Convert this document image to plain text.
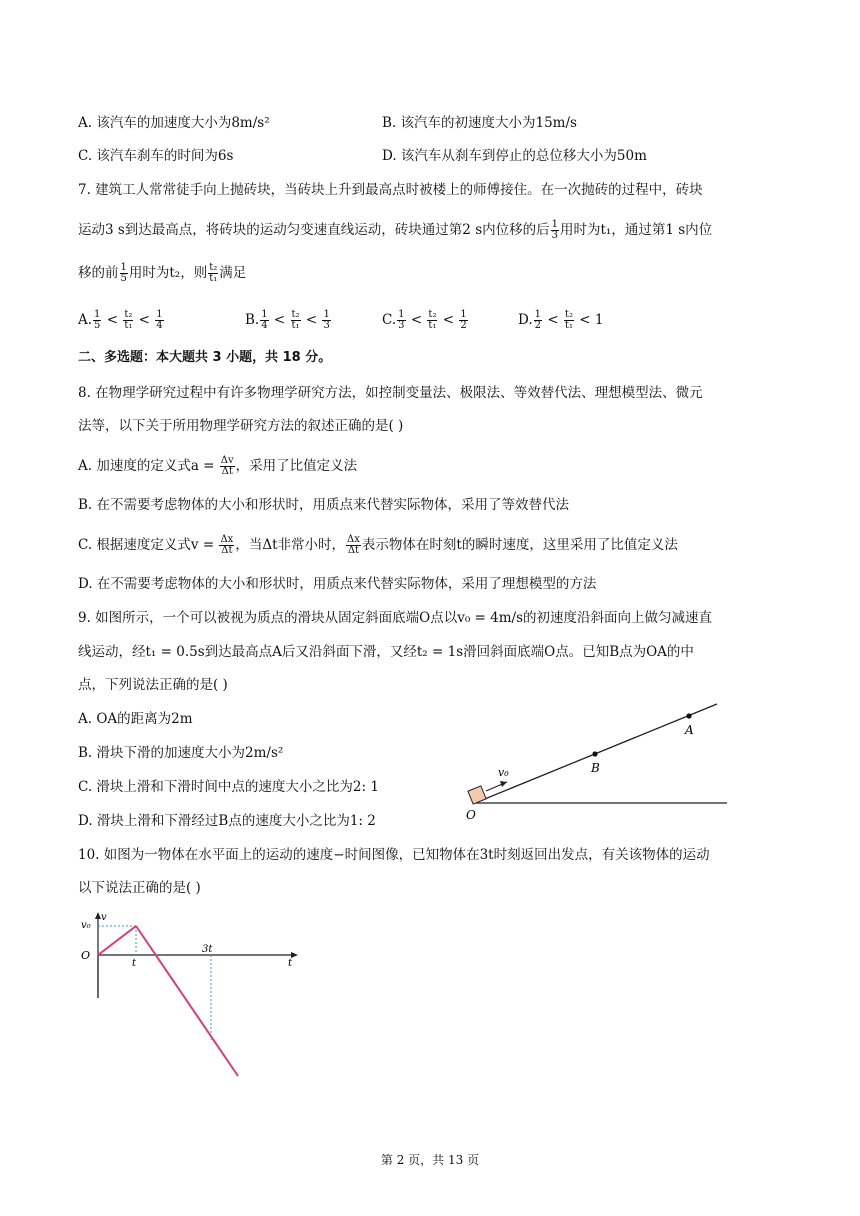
A. 该汽车的加速度大小为8m/s²	B. 该汽车的初速度大小为15m/s
C. 该汽车刹车的时间为6s	D. 该汽车从刹车到停止的总位移大小为50m
7. 建筑工人常常徒手向上抛砖块，当砖块上升到最高点时被楼上的师傅接住。在一次抛砖的过程中，砖块
运动3 s到达最高点，将砖块的运动匀变速直线运动，砖块通过第2 s内位移的后 $\frac{1}{3}$ 用时为t₁，通过第1 s内位
移的前 $\frac{1}{5}$ 用时为t₂，则 $\frac{\text{t₂}}{\text{t₁}}$ 满足
A. $\frac{1}{5} < \frac{\text{t₂}}{\text{t₁}} < \frac{1}{4}$	B. $\frac{1}{4} < \frac{\text{t₂}}{\text{t₁}} < \frac{1}{3}$	C. $\frac{1}{3} < \frac{\text{t₂}}{\text{t₁}} < \frac{1}{2}$	D. $\frac{1}{2} < \frac{\text{t₂}}{\text{t₁}} < 1$
二、多选题：本大题共 3 小题，共 18 分。
8. 在物理学研究过程中有许多物理学研究方法，如控制变量法、极限法、等效替代法、理想模型法、微元
法等，以下关于所用物理学研究方法的叙述正确的是( )
A. 加速度的定义式$a = \frac{\Delta v}{\Delta t}$ ，采用了比值定义法
B. 在不需要考虑物体的大小和形状时，用质点来代替实际物体，采用了等效替代法
C. 根据速度定义式$v = \frac{\Delta x}{\Delta t}$ ，当Δt非常小时， $\frac{\Delta x}{\Delta t}$ 表示物体在时刻t的瞬时速度，这里采用了比值定义法
D. 在不需要考虑物体的大小和形状时，用质点来代替实际物体，采用了理想模型的方法
9. 如图所示，一个可以被视为质点的滑块从固定斜面底端O点以v₀ = 4m/s的初速度沿斜面向上做匀减速直
线运动，经t₁ = 0.5s到达最高点A后又沿斜面下滑，又经t₂ = 1s滑回斜面底端O点。已知B点为OA的中
点，下列说法正确的是( )
A. OA的距离为2m
B. 滑块下滑的加速度大小为2m/s²
C. 滑块上滑和下滑时间中点的速度大小之比为2: 1
D. 滑块上滑和下滑经过B点的速度大小之比为1: 2
v₀	B
A
O
10. 如图为一物体在水平面上的运动的速度−时间图像，已知物体在3t时刻返回出发点，有关该物体的运动
以下说法正确的是( )
v
v₀
O
t
3t
t
第 2 页，共 13 页
